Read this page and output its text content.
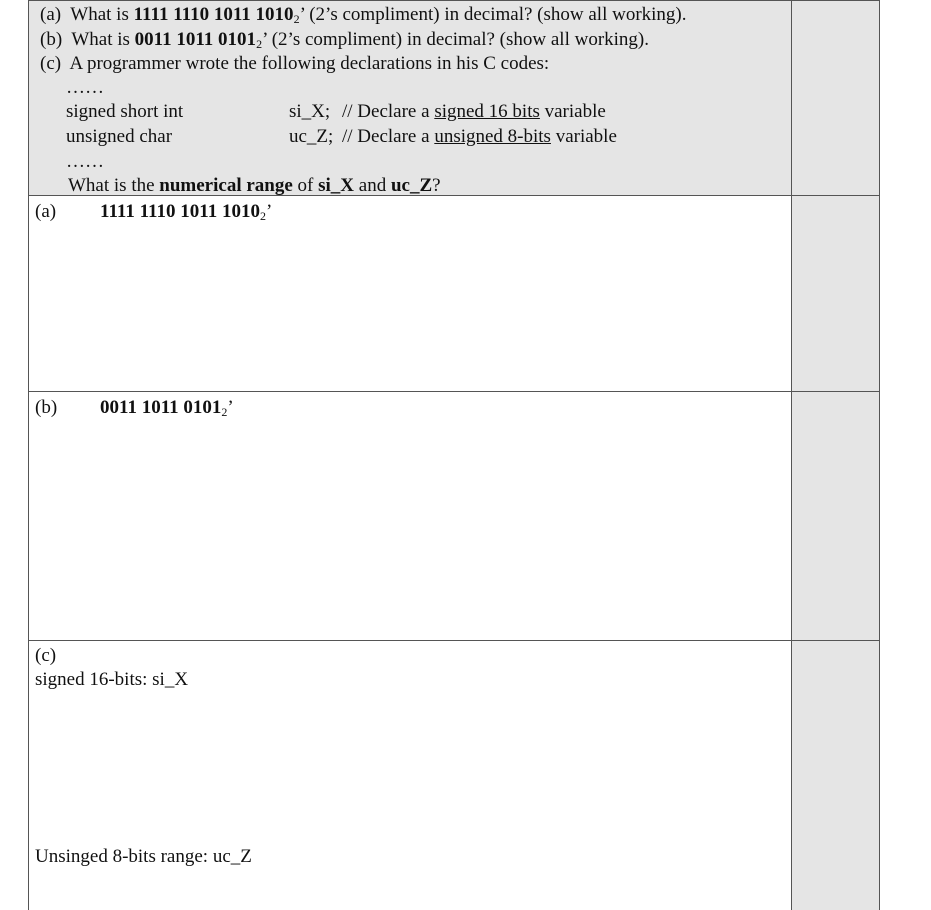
(a) What is 1111 1110 1011 $1010_2$’ (2’s compliment) in decimal? (show all working).
(b) What is 0011 1011 $0101_2$’ (2’s compliment) in decimal? (show all working).
(c) A programmer wrote the following declarations in his C codes:
……
signed short int	si_X; // Declare a signed 16 bits variable
unsigned char	uc_Z; // Declare a unsigned 8-bits variable
……
What is the numerical range of si_X and uc_Z?
(a) 1111 1110 1011 $1010_2$’
(b) 0011 1011 $0101_2$’
(c)
signed 16-bits: si_X
Unsinged 8-bits range: uc_Z
